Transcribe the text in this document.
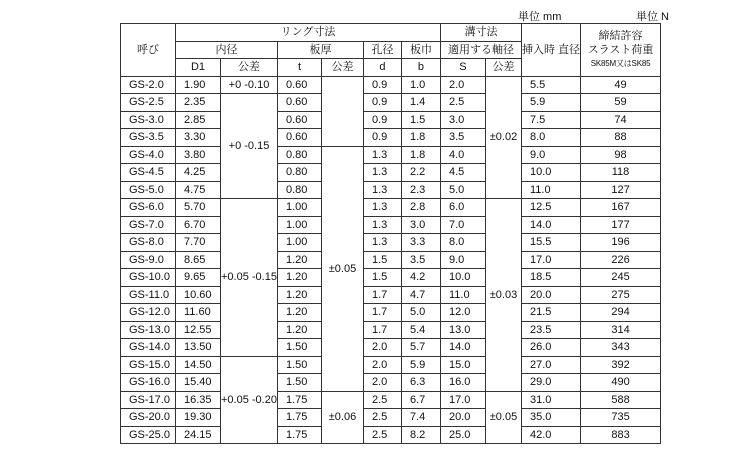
単位 mm	単位 N
呼び	リング寸法						溝寸法		挿入時 直径	締結許容
スラスト荷重
SK85M又はSK85

	内径		板厚		孔径	板巾	適用する軸径			
	D1	公差	t	公差	d	b	S	公差		
GS-2.0	1.90	+0 -0.10	0.60		0.9	1.0	2.0	±0.02	5.5	49
GS-2.5	2.35	+0 -0.15	0.60		0.9	1.4	2.5		5.9	59
GS-3.0	2.85		0.60		0.9	1.5	3.0		7.5	74
GS-3.5	3.30		0.60		0.9	1.8	3.5		8.0	88
GS-4.0	3.80		0.80	±0.05	1.3	1.8	4.0		9.0	98
GS-4.5	4.25		0.80		1.3	2.2	4.5		10.0	118
GS-5.0	4.75		0.80		1.3	2.3	5.0		11.0	127
GS-6.0	5.70	+0.05 -0.15	1.00		1.3	2.8	6.0	±0.03	12.5	167
GS-7.0	6.70		1.00		1.3	3.0	7.0		14.0	177
GS-8.0	7.70		1.00		1.3	3.3	8.0		15.5	196
GS-9.0	8.65		1.20		1.5	3.5	9.0		17.0	226
GS-10.0	9.65		1.20		1.5	4.2	10.0		18.5	245
GS-11.0	10.60		1.20		1.7	4.7	11.0		20.0	275
GS-12.0	11.60		1.20		1.7	5.0	12.0		21.5	294
GS-13.0	12.55		1.20		1.7	5.4	13.0		23.5	314
GS-14.0	13.50		1.50		2.0	5.7	14.0		26.0	343
GS-15.0	14.50	+0.05 -0.20	1.50		2.0	5.9	15.0		27.0	392
GS-16.0	15.40		1.50		2.0	6.3	16.0		29.0	490
GS-17.0	16.35		1.75	±0.06	2.5	6.7	17.0	±0.05	31.0	588
GS-20.0	19.30		1.75		2.5	7.4	20.0		35.0	735
GS-25.0	24.15		1.75		2.5	8.2	25.0		42.0	883
